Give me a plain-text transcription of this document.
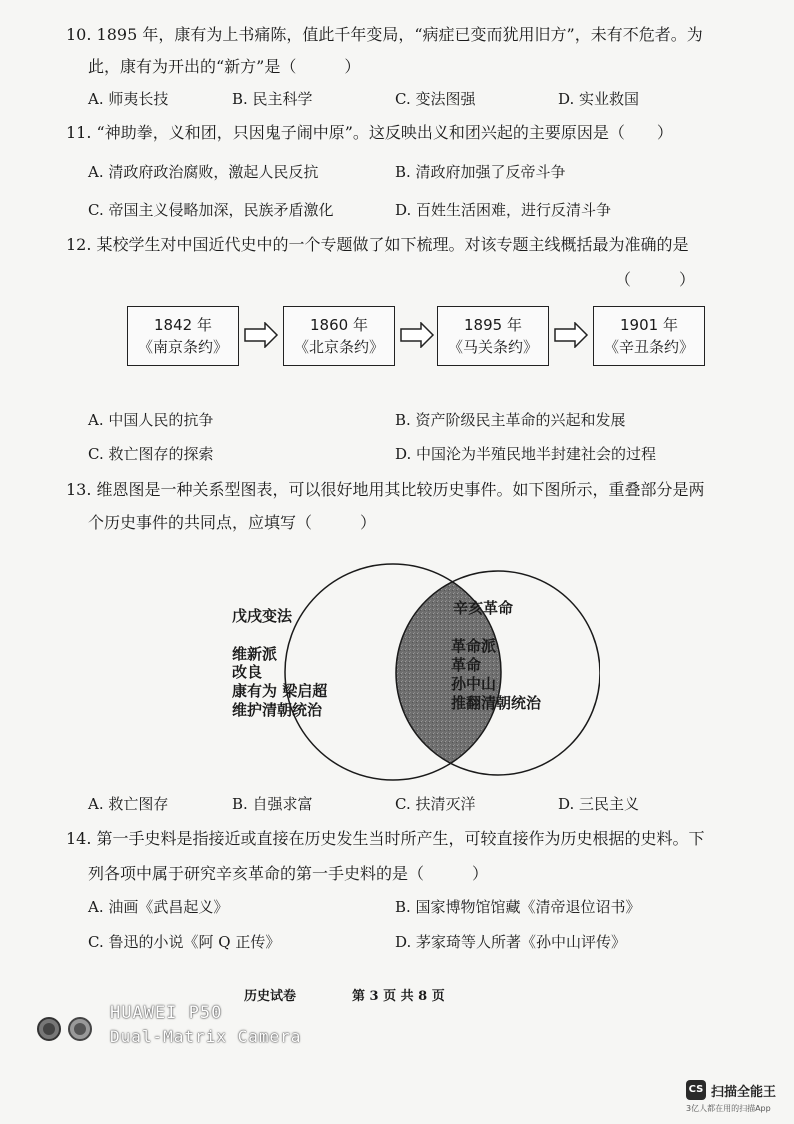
10. 1895 年，康有为上书痛陈，值此千年变局，“病症已变而犹用旧方”，未有不危者。为
此，康有为开出的“新方”是（　　　）
A. 师夷长技	B. 民主科学	C. 变法图强	D. 实业救国
11. “神助拳，义和团，只因鬼子闹中原”。这反映出义和团兴起的主要原因是（　　）
A. 清政府政治腐败，激起人民反抗	B. 清政府加强了反帝斗争
C. 帝国主义侵略加深，民族矛盾激化	D. 百姓生活困难，进行反清斗争
12. 某校学生对中国近代史中的一个专题做了如下梳理。对该专题主线概括最为准确的是
（　　　）
1842 年
《南京条约》
1860 年
《北京条约》
1895 年
《马关条约》
1901 年
《辛丑条约》
A. 中国人民的抗争	B. 资产阶级民主革命的兴起和发展
C. 救亡图存的探索	D. 中国沦为半殖民地半封建社会的过程
13. 维恩图是一种关系型图表，可以很好地用其比较历史事件。如下图所示，重叠部分是两
个历史事件的共同点，应填写（　　　）
戊戌变法
维新派
改良
康有为 梁启超
维护清朝统治
辛亥革命
革命派
革命
孙中山
推翻清朝统治
A. 救亡图存	B. 自强求富	C. 扶清灭洋	D. 三民主义
14. 第一手史料是指接近或直接在历史发生当时所产生，可较直接作为历史根据的史料。下
列各项中属于研究辛亥革命的第一手史料的是（　　　）
A. 油画《武昌起义》	B. 国家博物馆馆藏《清帝退位诏书》
C. 鲁迅的小说《阿 Q 正传》	D. 茅家琦等人所著《孙中山评传》
历史试卷	第 3 页 共 8 页
HUAWEI P50
Dual-Matrix Camera
CS 扫描全能王
3亿人都在用的扫描App
